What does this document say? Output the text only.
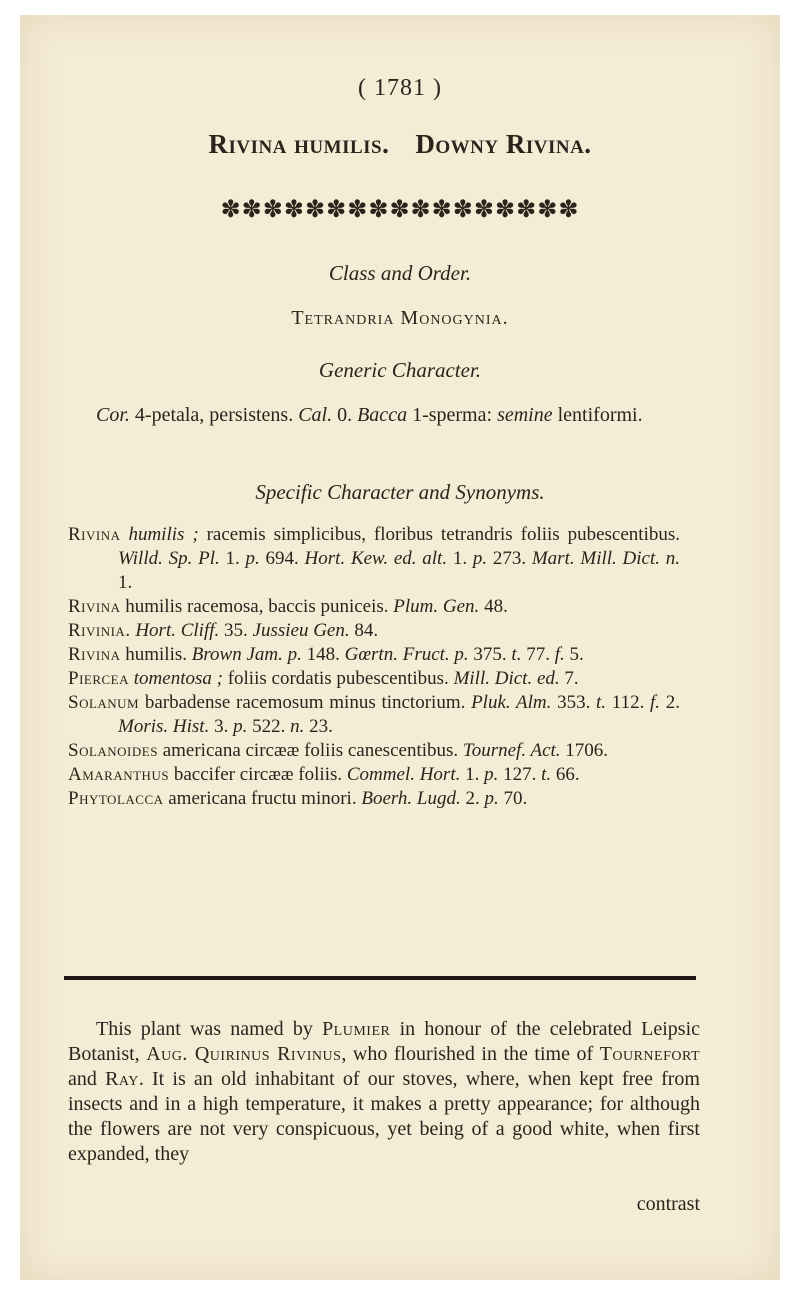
( 1781 )
Rivina humilis. Downy Rivina.
✽✽✽✽✽✽✽✽✽✽✽✽✽✽✽✽✽
Class and Order.
Tetrandria Monogynia.
Generic Character.
Cor. 4-petala, persistens. Cal. 0. Bacca 1-sperma: semine lentiformi.
Specific Character and Synonyms.
Rivina humilis ; racemis simplicibus, floribus tetrandris foliis pubescentibus. Willd. Sp. Pl. 1. p. 694. Hort. Kew. ed. alt. 1. p. 273. Mart. Mill. Dict. n. 1.
Rivina humilis racemosa, baccis puniceis. Plum. Gen. 48.
Rivinia. Hort. Cliff. 35. Jussieu Gen. 84.
Rivina humilis. Brown Jam. p. 148. Gœrtn. Fruct. p. 375. t. 77. f. 5.
Piercea tomentosa ; foliis cordatis pubescentibus. Mill. Dict. ed. 7.
Solanum barbadense racemosum minus tinctorium. Pluk. Alm. 353. t. 112. f. 2. Moris. Hist. 3. p. 522. n. 23.
Solanoides americana circææ foliis canescentibus. Tournef. Act. 1706.
Amaranthus baccifer circææ foliis. Commel. Hort. 1. p. 127. t. 66.
Phytolacca americana fructu minori. Boerh. Lugd. 2. p. 70.
This plant was named by Plumier in honour of the celebrated Leipsic Botanist, Aug. Quirinus Rivinus, who flourished in the time of Tournefort and Ray. It is an old inhabitant of our stoves, where, when kept free from insects and in a high temperature, it makes a pretty appearance; for although the flowers are not very conspicuous, yet being of a good white, when first expanded, they
contrast
